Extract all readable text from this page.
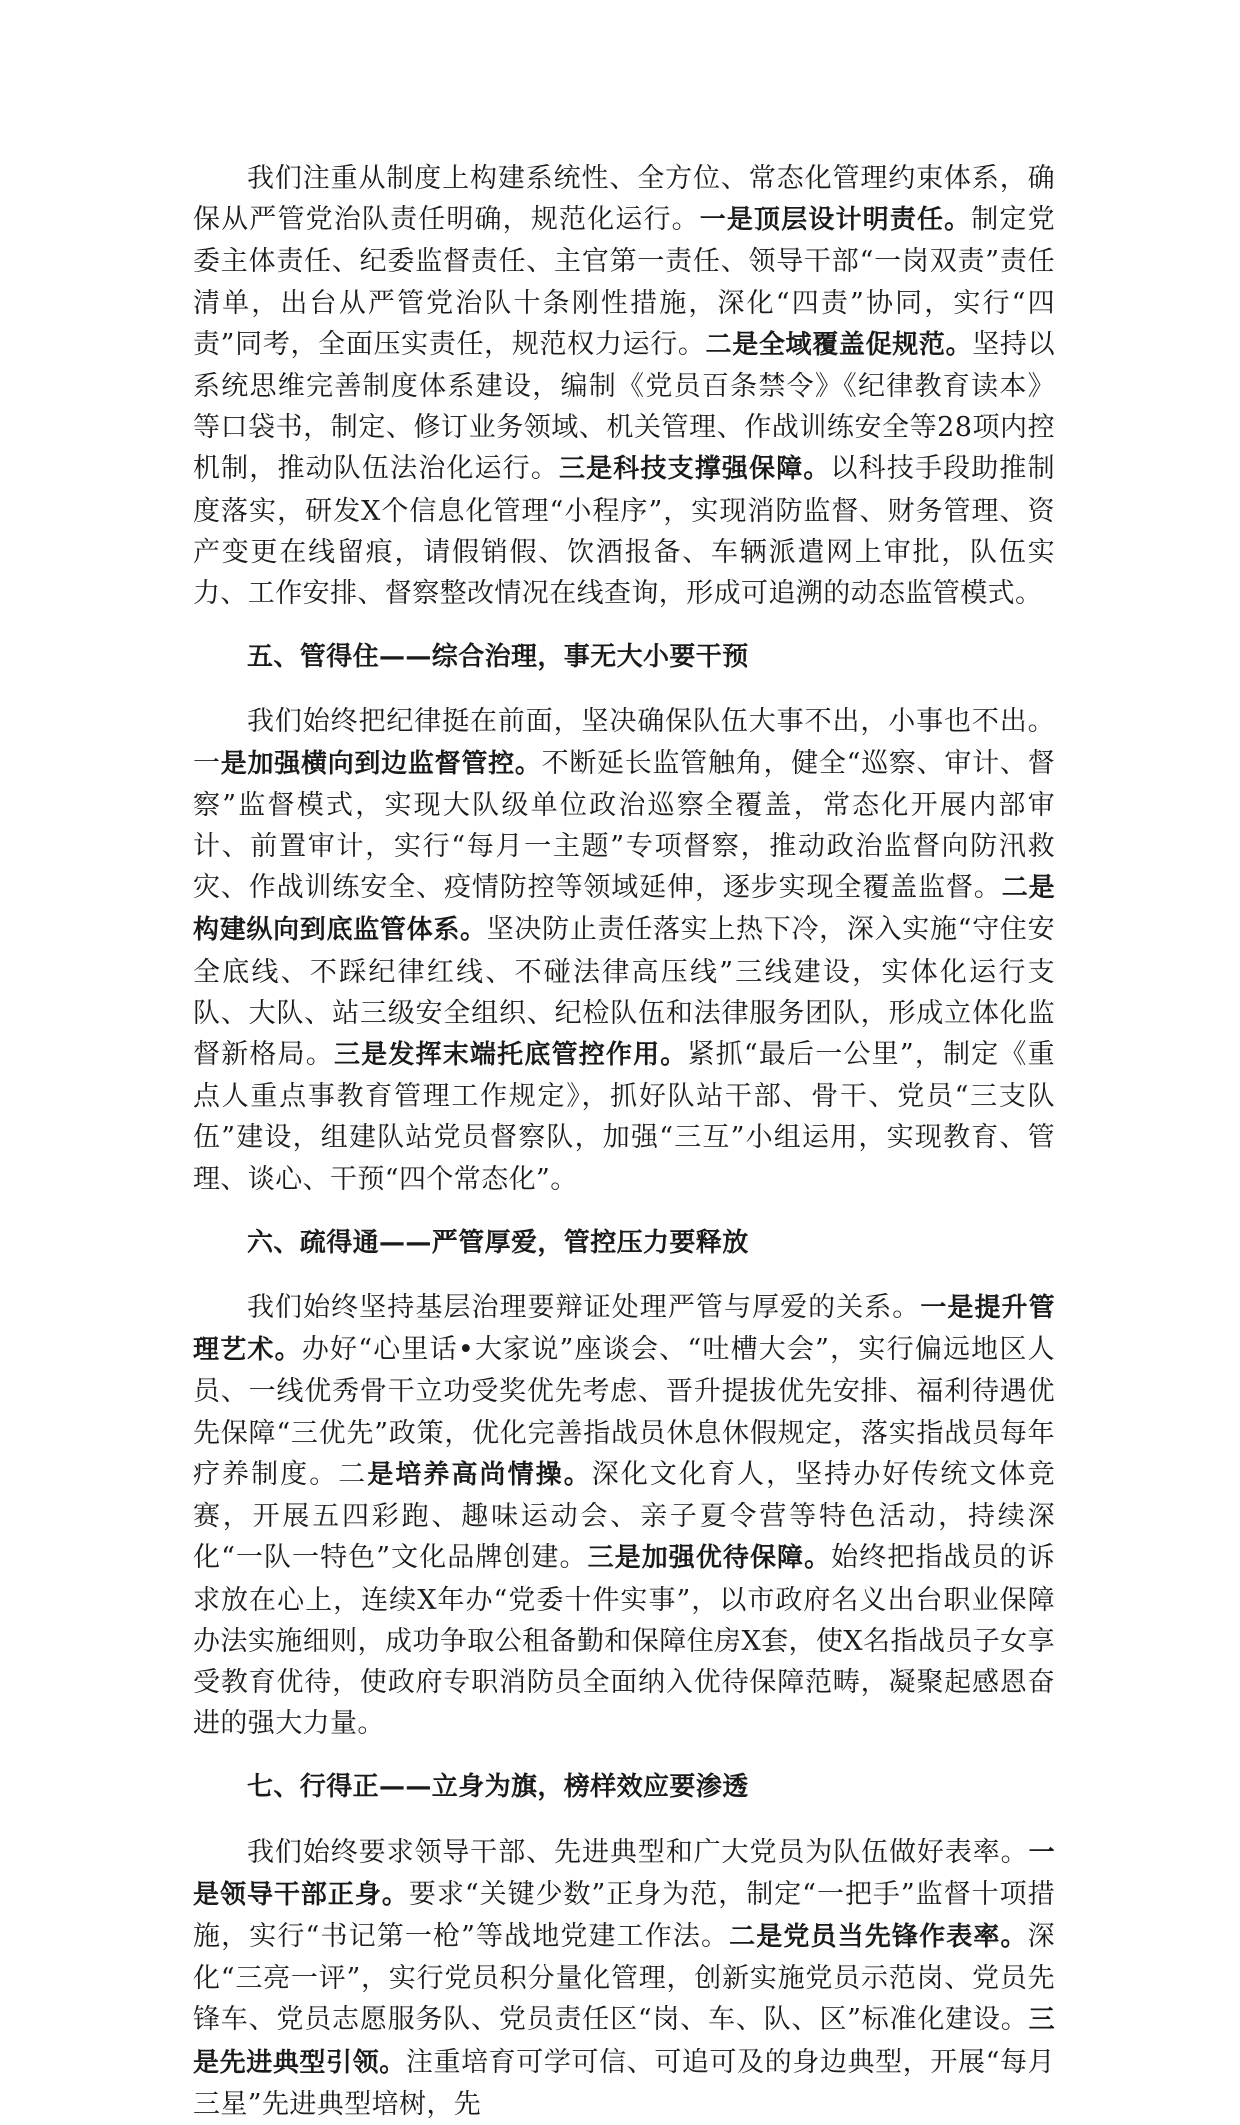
我们注重从制度上构建系统性、全方位、常态化管理约束体系，确保从严管党治队责任明确，规范化运行。一是顶层设计明责任。制定党委主体责任、纪委监督责任、主官第一责任、领导干部“一岗双责”责任清单，出台从严管党治队十条刚性措施，深化“四责”协同，实行“四责”同考，全面压实责任，规范权力运行。二是全域覆盖促规范。坚持以系统思维完善制度体系建设，编制《党员百条禁令》《纪律教育读本》等口袋书，制定、修订业务领域、机关管理、作战训练安全等28项内控机制，推动队伍法治化运行。三是科技支撑强保障。以科技手段助推制度落实，研发X个信息化管理“小程序”，实现消防监督、财务管理、资产变更在线留痕，请假销假、饮酒报备、车辆派遣网上审批，队伍实力、工作安排、督察整改情况在线查询，形成可追溯的动态监管模式。

五、管得住——综合治理，事无大小要干预

我们始终把纪律挺在前面，坚决确保队伍大事不出，小事也不出。一是加强横向到边监督管控。不断延长监管触角，健全“巡察、审计、督察”监督模式，实现大队级单位政治巡察全覆盖，常态化开展内部审计、前置审计，实行“每月一主题”专项督察，推动政治监督向防汛救灾、作战训练安全、疫情防控等领域延伸，逐步实现全覆盖监督。二是构建纵向到底监管体系。坚决防止责任落实上热下冷，深入实施“守住安全底线、不踩纪律红线、不碰法律高压线”三线建设，实体化运行支队、大队、站三级安全组织、纪检队伍和法律服务团队，形成立体化监督新格局。三是发挥末端托底管控作用。紧抓“最后一公里”，制定《重点人重点事教育管理工作规定》，抓好队站干部、骨干、党员“三支队伍”建设，组建队站党员督察队，加强“三互”小组运用，实现教育、管理、谈心、干预“四个常态化”。

六、疏得通——严管厚爱，管控压力要释放

我们始终坚持基层治理要辩证处理严管与厚爱的关系。一是提升管理艺术。办好“心里话•大家说”座谈会、“吐槽大会”，实行偏远地区人员、一线优秀骨干立功受奖优先考虑、晋升提拔优先安排、福利待遇优先保障“三优先”政策，优化完善指战员休息休假规定，落实指战员每年疗养制度。二是培养高尚情操。深化文化育人，坚持办好传统文体竞赛，开展五四彩跑、趣味运动会、亲子夏令营等特色活动，持续深化“一队一特色”文化品牌创建。三是加强优待保障。始终把指战员的诉求放在心上，连续X年办“党委十件实事”，以市政府名义出台职业保障办法实施细则，成功争取公租备勤和保障住房X套，使X名指战员子女享受教育优待，使政府专职消防员全面纳入优待保障范畴，凝聚起感恩奋进的强大力量。

七、行得正——立身为旗，榜样效应要渗透

我们始终要求领导干部、先进典型和广大党员为队伍做好表率。一是领导干部正身。要求“关键少数”正身为范，制定“一把手”监督十项措施，实行“书记第一枪”等战地党建工作法。二是党员当先锋作表率。深化“三亮一评”，实行党员积分量化管理，创新实施党员示范岗、党员先锋车、党员志愿服务队、党员责任区“岗、车、队、区”标准化建设。三是先进典型引领。注重培育可学可信、可追可及的身边典型，开展“每月三星”先进典型培树，先
